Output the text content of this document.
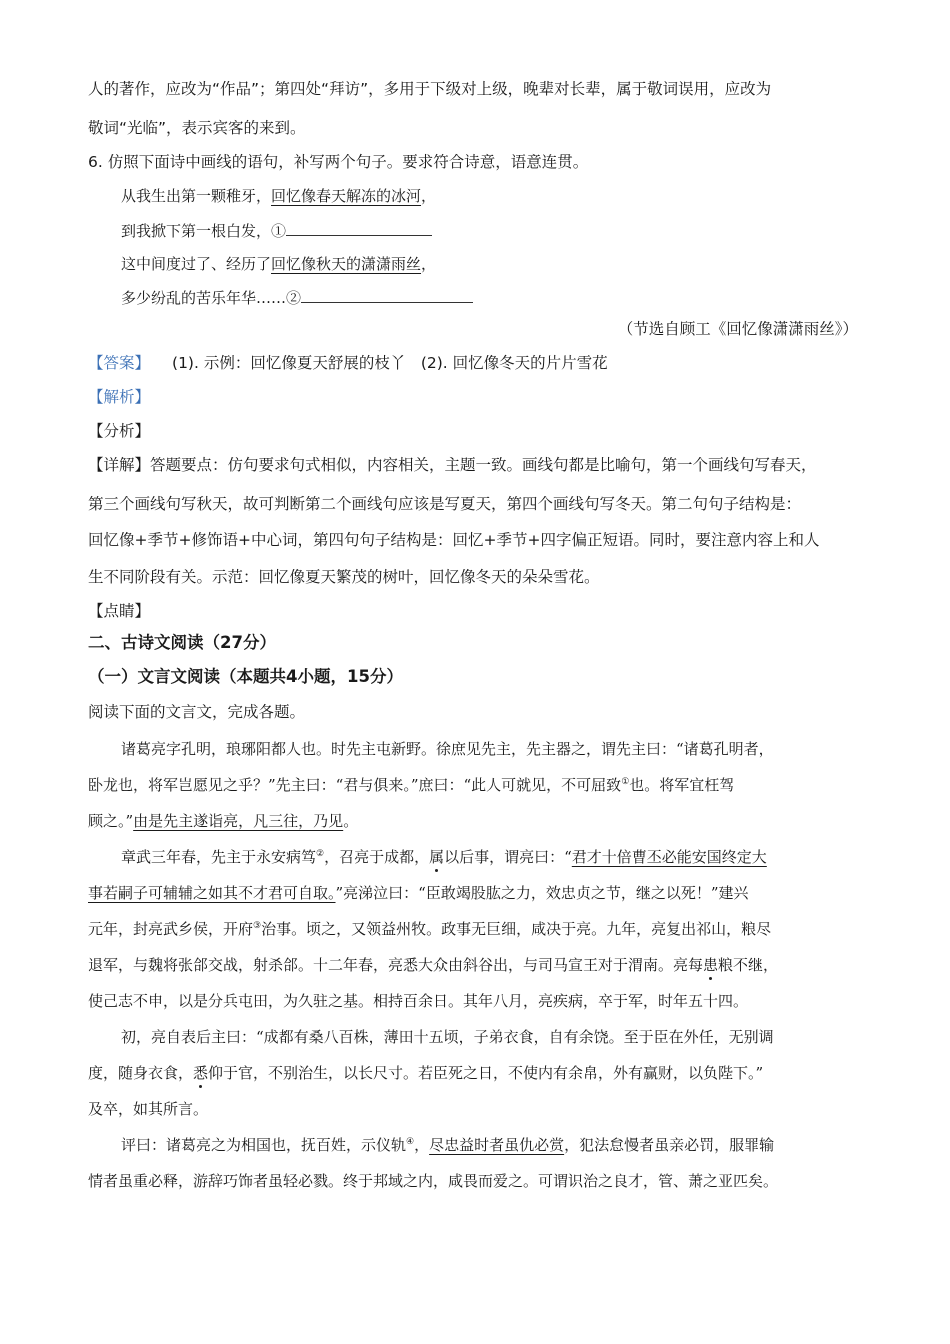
人的著作，应改为“作品”；第四处“拜访”，多用于下级对上级，晚辈对长辈，属于敬词误用，应改为
敬词“光临”，表示宾客的来到。
6. 仿照下面诗中画线的语句，补写两个句子。要求符合诗意，语意连贯。
从我生出第一颗稚牙，回忆像春天解冻的冰河，
到我掀下第一根白发，①
这中间度过了、经历了回忆像秋天的潇潇雨丝，
多少纷乱的苦乐年华……②
（节选自顾工《回忆像潇潇雨丝》）
【答案】 (1). 示例：回忆像夏天舒展的枝丫　(2). 回忆像冬天的片片雪花
【解析】
【分析】
【详解】答题要点：仿句要求句式相似，内容相关，主题一致。画线句都是比喻句，第一个画线句写春天，
第三个画线句写秋天，故可判断第二个画线句应该是写夏天，第四个画线句写冬天。第二句句子结构是：
回忆像+季节+修饰语+中心词，第四句句子结构是：回忆+季节+四字偏正短语。同时，要注意内容上和人
生不同阶段有关。示范：回忆像夏天繁茂的树叶，回忆像冬天的朵朵雪花。
【点睛】
二、古诗文阅读（27分）
（一）文言文阅读（本题共4小题，15分）
阅读下面的文言文，完成各题。
诸葛亮字孔明，琅琊阳都人也。时先主屯新野。徐庶见先主，先主器之，谓先主曰：“诸葛孔明者，
卧龙也，将军岂愿见之乎？”先主曰：“君与俱来。”庶曰：“此人可就见，不可屈致①也。将军宜枉驾
顾之。”由是先主遂诣亮，凡三往，乃见。
章武三年春，先主于永安病笃②，召亮于成都，属以后事，谓亮曰：“君才十倍曹丕必能安国终定大
事若嗣子可辅辅之如其不才君可自取。”亮涕泣曰：“臣敢竭股肱之力，效忠贞之节，继之以死！”建兴
元年，封亮武乡侯，开府③治事。顷之，又领益州牧。政事无巨细，咸决于亮。九年，亮复出祁山，粮尽
退军，与魏将张郃交战，射杀郃。十二年春，亮悉大众由斜谷出，与司马宣王对于渭南。亮每患粮不继，
使己志不申，以是分兵屯田，为久驻之基。相持百余日。其年八月，亮疾病，卒于军，时年五十四。
初，亮自表后主曰：“成都有桑八百株，薄田十五顷，子弟衣食，自有余饶。至于臣在外任，无别调
度，随身衣食，悉仰于官，不别治生，以长尺寸。若臣死之日，不使内有余帛，外有赢财，以负陛下。”
及卒，如其所言。
评曰：诸葛亮之为相国也，抚百姓，示仪轨④，尽忠益时者虽仇必赏，犯法怠慢者虽亲必罚，服罪输
情者虽重必释，游辞巧饰者虽轻必戮。终于邦域之内，咸畏而爱之。可谓识治之良才，管、萧之亚匹矣。
